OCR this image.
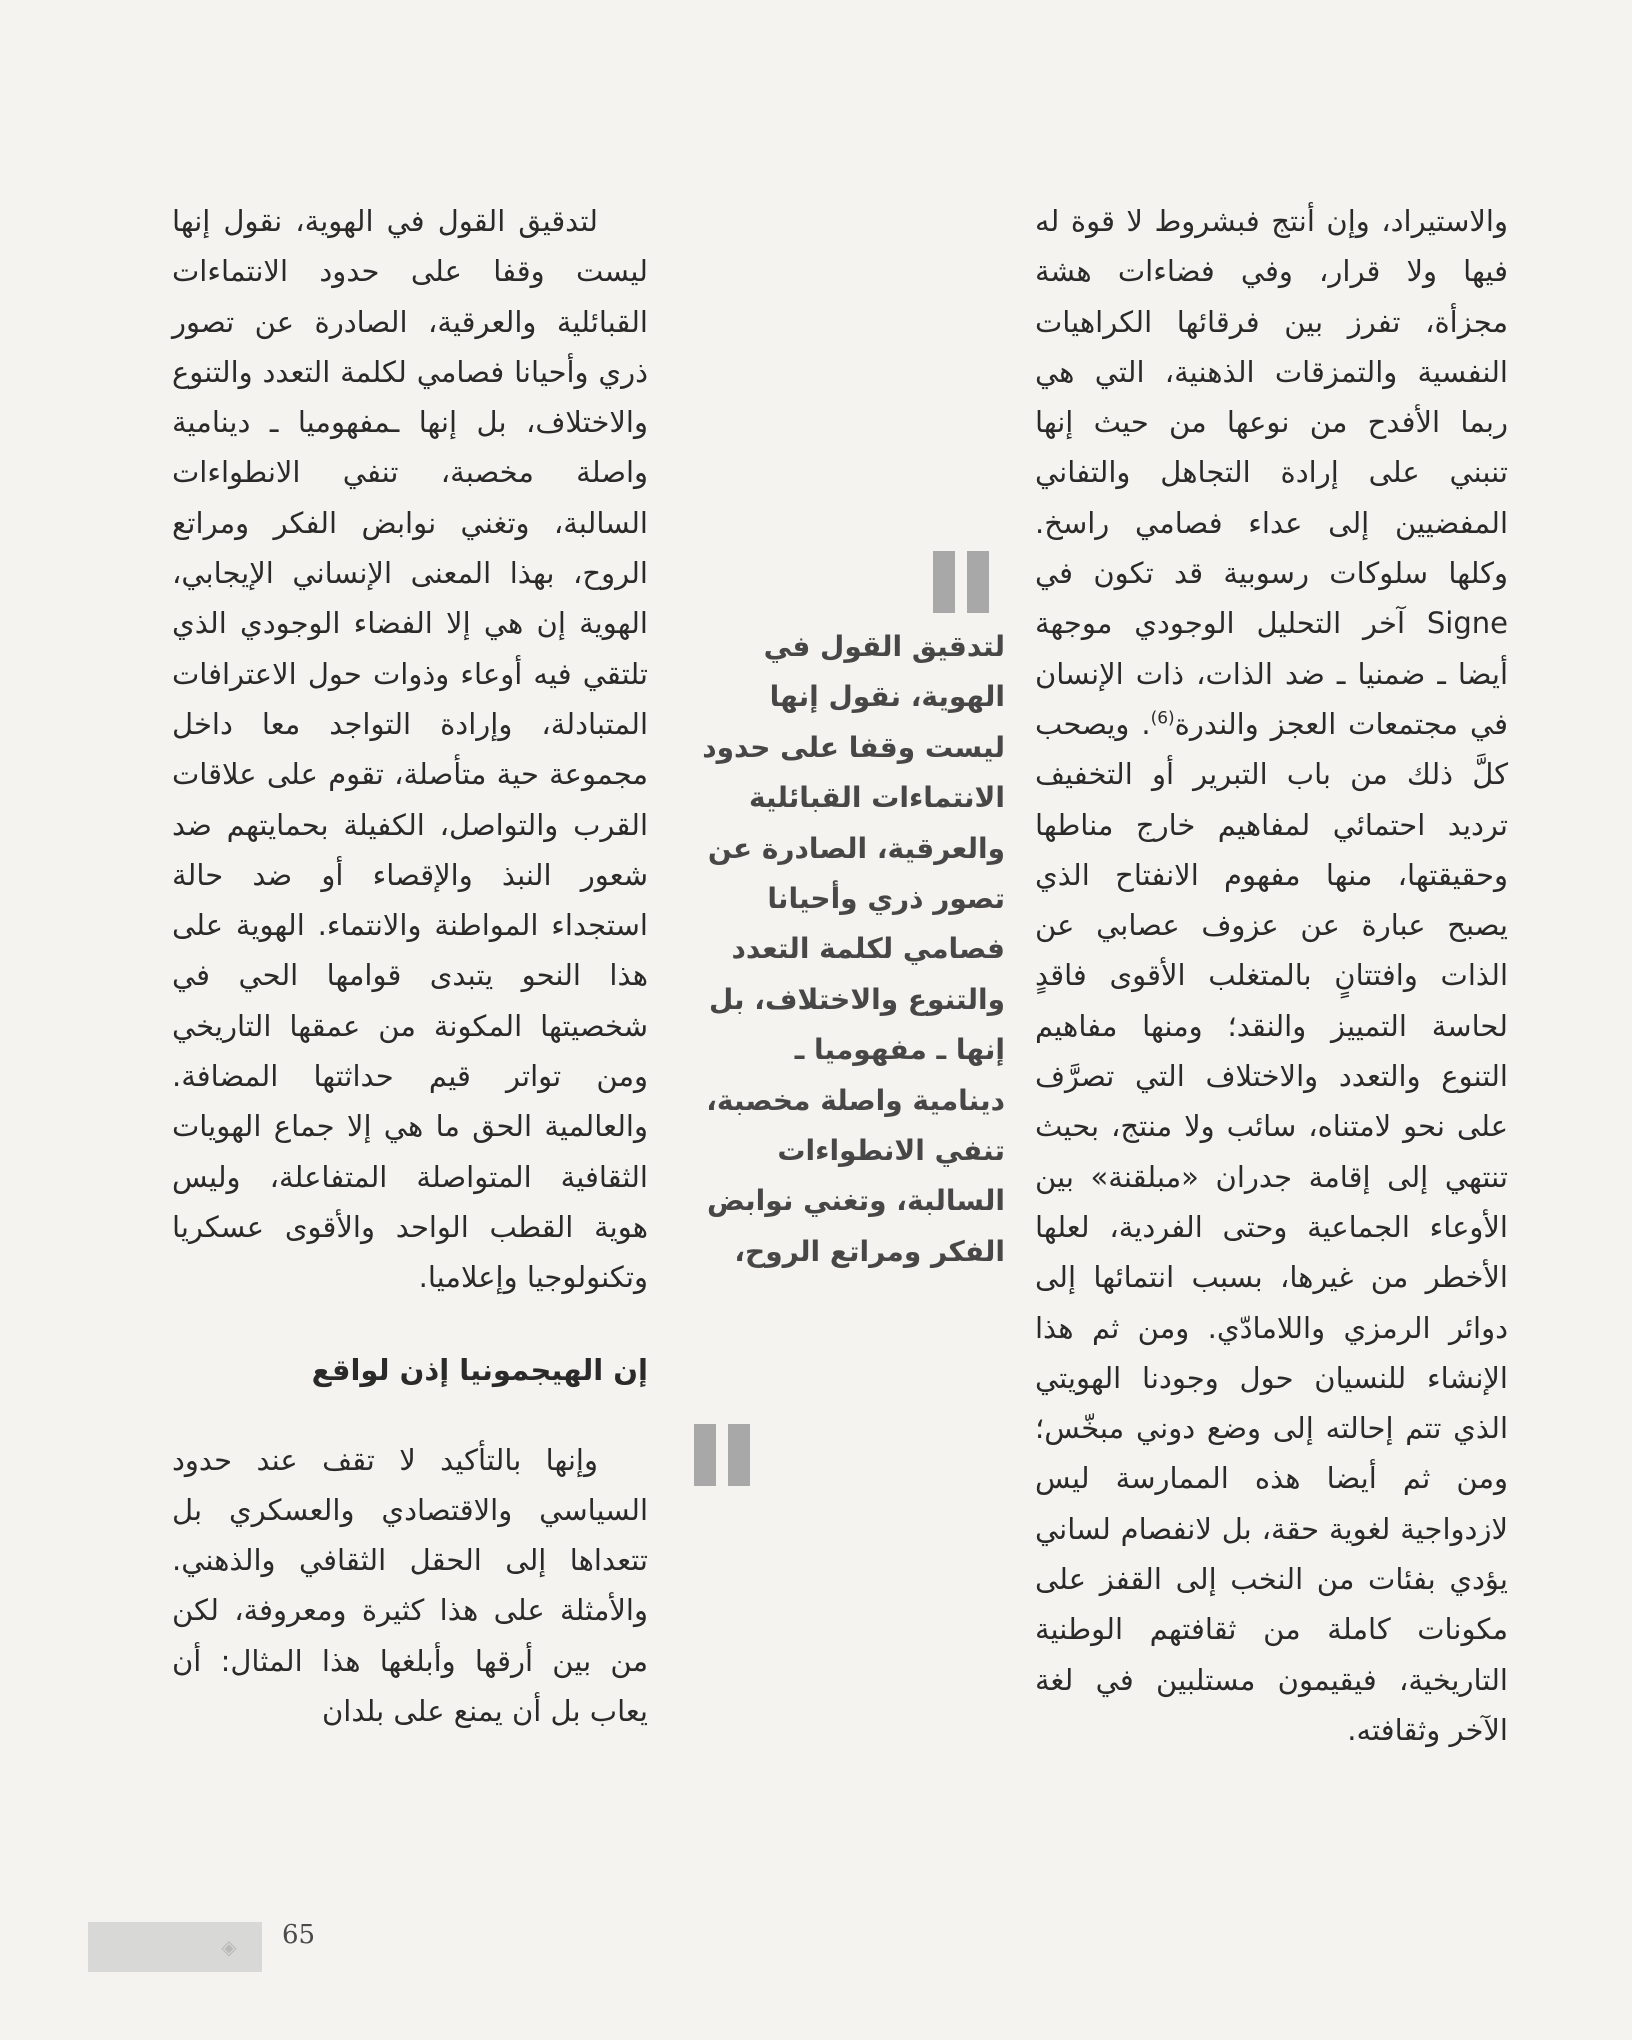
والاستيراد، وإن أنتج فبشروط لا قوة له فيها ولا قرار، وفي فضاءات هشة مجزأة، تفرز بين فرقائها الكراهيات النفسية والتمزقات الذهنية، التي هي ربما الأفدح من نوعها من حيث إنها تنبني على إرادة التجاهل والتفاني المفضيين إلى عداء فصامي راسخ. وكلها سلوكات رسوبية قد تكون في Signe آخر التحليل الوجودي موجهة أيضا ـ ضمنيا ـ ضد الذات، ذات الإنسان في مجتمعات العجز والندرة$^{(6)}$. ويصحب كلَّ ذلك من باب التبرير أو التخفيف ترديد احتمائي لمفاهيم خارج مناطها وحقيقتها، منها مفهوم الانفتاح الذي يصبح عبارة عن عزوف عصابي عن الذات وافتتانٍ بالمتغلب الأقوى فاقدٍ لحاسة التمييز والنقد؛ ومنها مفاهيم التنوع والتعدد والاختلاف التي تصرَّف على نحو لامتناه، سائب ولا منتج، بحيث تنتهي إلى إقامة جدران «مبلقنة» بين الأوعاء الجماعية وحتى الفردية، لعلها الأخطر من غيرها، بسبب انتمائها إلى دوائر الرمزي واللامادّي. ومن ثم هذا الإنشاء للنسيان حول وجودنا الهويتي الذي تتم إحالته إلى وضع دوني مبخّس؛ ومن ثم أيضا هذه الممارسة ليس لازدواجية لغوية حقة، بل لانفصام لساني يؤدي بفئات من النخب إلى القفز على مكونات كاملة من ثقافتهم الوطنية التاريخية، فيقيمون مستلبين في لغة الآخر وثقافته.

لتدقيق القول في الهوية، نقول إنها ليست وقفا على حدود الانتماءات القبائلية والعرقية، الصادرة عن تصور ذري وأحيانا فصامي لكلمة التعدد والتنوع والاختلاف، بل إنها ـ مفهوميا ـ دينامية واصلة مخصبة، تنفي الانطواءات السالبة، وتغني نوابض الفكر ومراتع الروح،

لتدقيق القول في الهوية، نقول إنها ليست وقفا على حدود الانتماءات القبائلية والعرقية، الصادرة عن تصور ذري وأحيانا فصامي لكلمة التعدد والتنوع والاختلاف، بل إنها ـمفهوميا ـ دينامية واصلة مخصبة، تنفي الانطواءات السالبة، وتغني نوابض الفكر ومراتع الروح، بهذا المعنى الإنساني الإيجابي، الهوية إن هي إلا الفضاء الوجودي الذي تلتقي فيه أوعاء وذوات حول الاعترافات المتبادلة، وإرادة التواجد معا داخل مجموعة حية متأصلة، تقوم على علاقات القرب والتواصل، الكفيلة بحمايتهم ضد شعور النبذ والإقصاء أو ضد حالة استجداء المواطنة والانتماء. الهوية على هذا النحو يتبدى قوامها الحي في شخصيتها المكونة من عمقها التاريخي ومن تواتر قيم حداثتها المضافة. والعالمية الحق ما هي إلا جماع الهويات الثقافية المتواصلة المتفاعلة، وليس هوية القطب الواحد والأقوى عسكريا وتكنولوجيا وإعلاميا.

إن الهيجمونيا إذن لواقع

وإنها بالتأكيد لا تقف عند حدود السياسي والاقتصادي والعسكري بل تتعداها إلى الحقل الثقافي والذهني. والأمثلة على هذا كثيرة ومعروفة، لكن من بين أرقها وأبلغها هذا المثال: أن يعاب بل أن يمنع على بلدان

◈	65
